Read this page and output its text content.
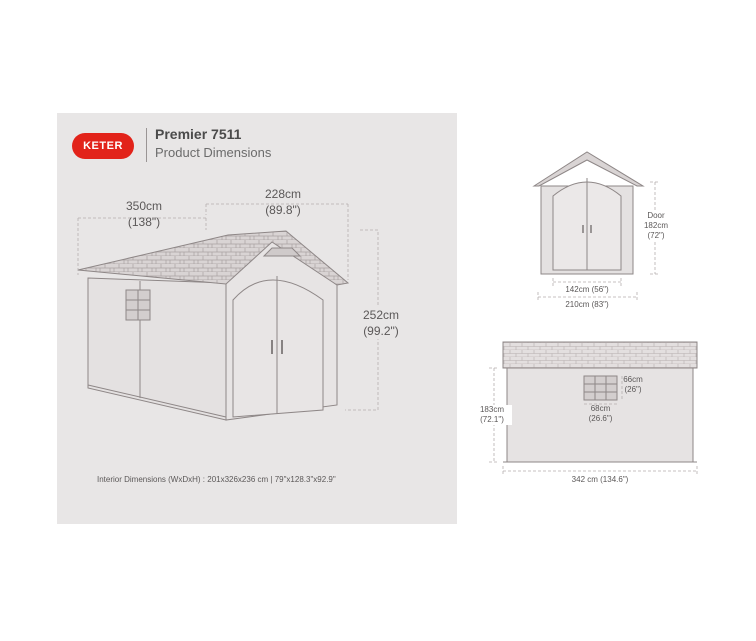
KETER
Premier 7511
Product Dimensions
350cm
(138")
228cm
(89.8")
252cm
(99.2")
Door
182cm
(72")
142cm (56")
210cm (83")
66cm
(26")
68cm
(26.6")
183cm
(72.1")
342 cm (134.6")
Interior Dimensions (WxDxH) : 201x326x236 cm | 79"x128.3"x92.9"
